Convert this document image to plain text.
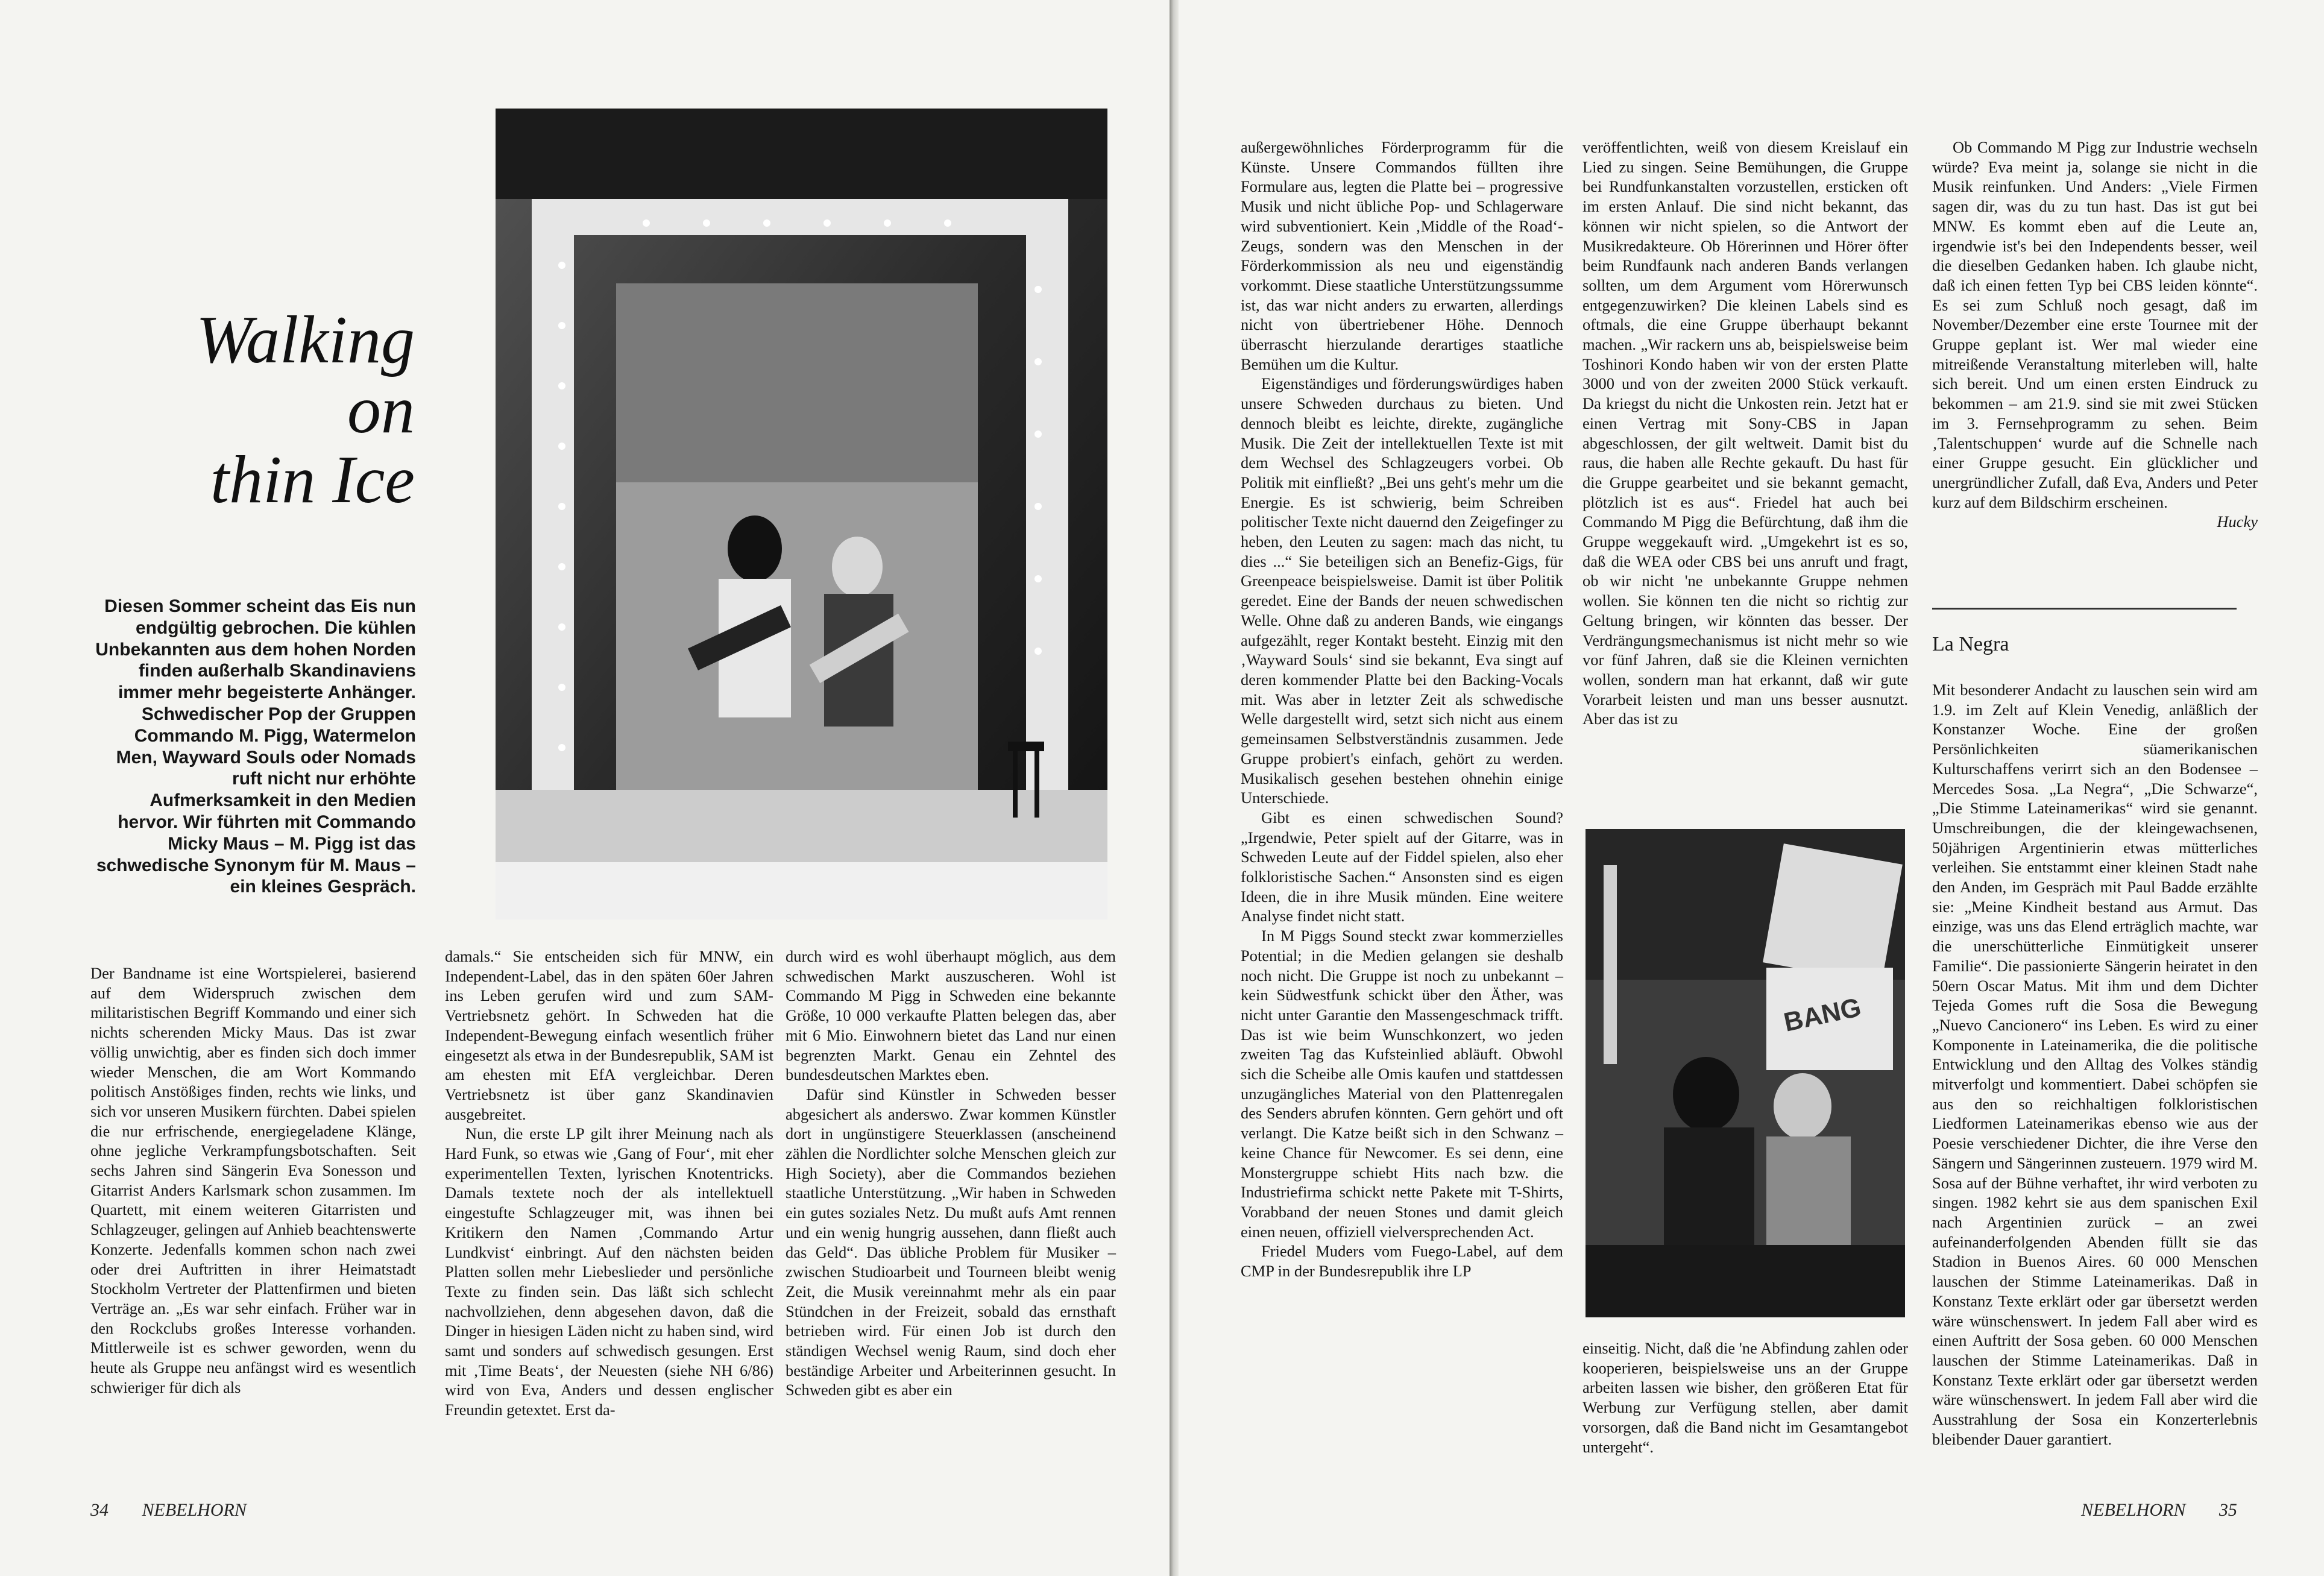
Walking
on
thin Ice
Diesen Sommer scheint das Eis nun endgültig gebrochen. Die kühlen Unbekannten aus dem hohen Norden finden außerhalb Skandinaviens immer mehr begeisterte Anhänger. Schwedischer Pop der Gruppen Commando M. Pigg, Watermelon Men, Wayward Souls oder Nomads ruft nicht nur erhöhte Aufmerksamkeit in den Medien hervor. Wir führten mit Commando Micky Maus – M. Pigg ist das schwedische Synonym für M. Maus – ein kleines Gespräch.

Der Bandname ist eine Wortspielerei, basierend auf dem Widerspruch zwischen dem militaristischen Begriff Kommando und einer sich nichts scherenden Micky Maus. Das ist zwar völlig unwichtig, aber es finden sich doch immer wieder Menschen, die am Wort Kommando politisch Anstößiges finden, rechts wie links, und sich vor unseren Musikern fürchten. Dabei spielen die nur erfrischende, energiegeladene Klänge, ohne jegliche Verkrampfungsbotschaften. Seit sechs Jahren sind Sängerin Eva Sonesson und Gitarrist Anders Karlsmark schon zusammen. Im Quartett, mit einem weiteren Gitarristen und Schlagzeuger, gelingen auf Anhieb beachtenswerte Konzerte. Jedenfalls kommen schon nach zwei oder drei Auftritten in ihrer Heimatstadt Stockholm Vertreter der Plattenfirmen und bieten Verträge an. „Es war sehr einfach. Früher war in den Rockclubs großes Interesse vorhanden. Mittlerweile ist es schwer geworden, wenn du heute als Gruppe neu anfängst wird es wesentlich schwieriger für dich als

damals.“ Sie entscheiden sich für MNW, ein Independent-Label, das in den späten 60er Jahren ins Leben gerufen wird und zum SAM-Vertriebsnetz gehört. In Schweden hat die Independent-Bewegung einfach wesentlich früher eingesetzt als etwa in der Bundesrepublik, SAM ist am ehesten mit EfA vergleichbar. Deren Vertriebsnetz ist über ganz Skandinavien ausgebreitet.

Nun, die erste LP gilt ihrer Meinung nach als Hard Funk, so etwas wie ‚Gang of Four‘, mit eher experimentellen Texten, lyrischen Knotentricks. Damals textete noch der als intellektuell eingestufte Schlagzeuger mit, was ihnen bei Kritikern den Namen ‚Commando Artur Lundkvist‘ einbringt. Auf den nächsten beiden Platten sollen mehr Liebeslieder und persönliche Texte zu finden sein. Das läßt sich schlecht nachvollziehen, denn abgesehen davon, daß die Dinger in hiesigen Läden nicht zu haben sind, wird samt und sonders auf schwedisch gesungen. Erst mit ‚Time Beats‘, der Neuesten (siehe NH 6/86) wird von Eva, Anders und dessen englischer Freundin getextet. Erst da-

durch wird es wohl überhaupt möglich, aus dem schwedischen Markt auszuscheren. Wohl ist Commando M Pigg in Schweden eine bekannte Größe, 10 000 verkaufte Platten belegen das, aber mit 6 Mio. Einwohnern bietet das Land nur einen begrenzten Markt. Genau ein Zehntel des bundesdeutschen Marktes eben.

Dafür sind Künstler in Schweden besser abgesichert als anderswo. Zwar kommen Künstler dort in ungünstigere Steuerklassen (anscheinend zählen die Nordlichter solche Menschen gleich zur High Society), aber die Commandos beziehen staatliche Unterstützung. „Wir haben in Schweden ein gutes soziales Netz. Du mußt aufs Amt rennen und ein wenig hungrig aussehen, dann fließt auch das Geld“. Das übliche Problem für Musiker – zwischen Studioarbeit und Tourneen bleibt wenig Zeit, die Musik vereinnahmt mehr als ein paar Stündchen in der Freizeit, sobald das ernsthaft betrieben wird. Für einen Job ist durch den ständigen Wechsel wenig Raum, sind doch eher beständige Arbeiter und Arbeiterinnen gesucht. In Schweden gibt es aber ein

34 NEBELHORN

außergewöhnliches Förderprogramm für die Künste. Unsere Commandos füllten ihre Formulare aus, legten die Platte bei – progressive Musik und nicht übliche Pop- und Schlagerware wird subventioniert. Kein ‚Middle of the Road‘-Zeugs, sondern was den Menschen in der Förderkommission als neu und eigenständig vorkommt. Diese staatliche Unterstützungssumme ist, das war nicht anders zu erwarten, allerdings nicht von übertriebener Höhe. Dennoch überrascht hierzulande derartiges staatliche Bemühen um die Kultur.

Eigenständiges und förderungswürdiges haben unsere Schweden durchaus zu bieten. Und dennoch bleibt es leichte, direkte, zugängliche Musik. Die Zeit der intellektuellen Texte ist mit dem Wechsel des Schlagzeugers vorbei. Ob Politik mit einfließt? „Bei uns geht's mehr um die Energie. Es ist schwierig, beim Schreiben politischer Texte nicht dauernd den Zeigefinger zu heben, den Leuten zu sagen: mach das nicht, tu dies ...“ Sie beteiligen sich an Benefiz-Gigs, für Greenpeace beispielsweise. Damit ist über Politik geredet. Eine der Bands der neuen schwedischen Welle. Ohne daß zu anderen Bands, wie eingangs aufgezählt, reger Kontakt besteht. Einzig mit den ‚Wayward Souls‘ sind sie bekannt, Eva singt auf deren kommender Platte bei den Backing-Vocals mit. Was aber in letzter Zeit als schwedische Welle dargestellt wird, setzt sich nicht aus einem gemeinsamen Selbstverständnis zusammen. Jede Gruppe probiert's einfach, gehört zu werden. Musikalisch gesehen bestehen ohnehin einige Unterschiede.

Gibt es einen schwedischen Sound? „Irgendwie, Peter spielt auf der Gitarre, was in Schweden Leute auf der Fiddel spielen, also eher folkloristische Sachen.“ Ansonsten sind es eigen Ideen, die in ihre Musik münden. Eine weitere Analyse findet nicht statt.

In M Piggs Sound steckt zwar kommerzielles Potential; in die Medien gelangen sie deshalb noch nicht. Die Gruppe ist noch zu unbekannt – kein Südwestfunk schickt über den Äther, was nicht unter Garantie den Massengeschmack trifft. Das ist wie beim Wunschkonzert, wo jeden zweiten Tag das Kufsteinlied abläuft. Obwohl sich die Scheibe alle Omis kaufen und stattdessen unzugängliches Material von den Plattenregalen des Senders abrufen könnten. Gern gehört und oft verlangt. Die Katze beißt sich in den Schwanz – keine Chance für Newcomer. Es sei denn, eine Monstergruppe schiebt Hits nach bzw. die Industriefirma schickt nette Pakete mit T-Shirts, Vorabband der neuen Stones und damit gleich einen neuen, offiziell vielversprechenden Act.

Friedel Muders vom Fuego-Label, auf dem CMP in der Bundesrepublik ihre LP

veröffentlichten, weiß von diesem Kreislauf ein Lied zu singen. Seine Bemühungen, die Gruppe bei Rundfunkanstalten vorzustellen, ersticken oft im ersten Anlauf. Die sind nicht bekannt, das können wir nicht spielen, so die Antwort der Musikredakteure. Ob Hörerinnen und Hörer öfter beim Rundfaunk nach anderen Bands verlangen sollten, um dem Argument vom Hörerwunsch entgegenzuwirken? Die kleinen Labels sind es oftmals, die eine Gruppe überhaupt bekannt machen. „Wir rackern uns ab, beispielsweise beim Toshinori Kondo haben wir von der ersten Platte 3000 und von der zweiten 2000 Stück verkauft. Da kriegst du nicht die Unkosten rein. Jetzt hat er einen Vertrag mit Sony-CBS in Japan abgeschlossen, der gilt weltweit. Damit bist du raus, die haben alle Rechte gekauft. Du hast für die Gruppe gearbeitet und sie bekannt gemacht, plötzlich ist es aus“. Friedel hat auch bei Commando M Pigg die Befürchtung, daß ihm die Gruppe weggekauft wird. „Umgekehrt ist es so, daß die WEA oder CBS bei uns anruft und fragt, ob wir nicht 'ne unbekannte Gruppe nehmen wollen. Sie können ten die nicht so richtig zur Geltung bringen, wir könnten das besser. Der Verdrängungsmechanismus ist nicht mehr so wie vor fünf Jahren, daß sie die Kleinen vernichten wollen, sondern man hat erkannt, daß wir gute Vorarbeit leisten und man uns besser ausnutzt. Aber das ist zu

BANG

einseitig. Nicht, daß die 'ne Abfindung zahlen oder kooperieren, beispielsweise uns an der Gruppe arbeiten lassen wie bisher, den größeren Etat für Werbung zur Verfügung stellen, aber damit vorsorgen, daß die Band nicht im Gesamtangebot untergeht“.

Ob Commando M Pigg zur Industrie wechseln würde? Eva meint ja, solange sie nicht in die Musik reinfunken. Und Anders: „Viele Firmen sagen dir, was du zu tun hast. Das ist gut bei MNW. Es kommt eben auf die Leute an, irgendwie ist's bei den Independents besser, weil die dieselben Gedanken haben. Ich glaube nicht, daß ich einen fetten Typ bei CBS leiden könnte“. Es sei zum Schluß noch gesagt, daß im November/Dezember eine erste Tournee mit der Gruppe geplant ist. Wer mal wieder eine mitreißende Veranstaltung miterleben will, halte sich bereit. Und um einen ersten Eindruck zu bekommen – am 21.9. sind sie mit zwei Stücken im 3. Fernsehprogramm zu sehen. Beim ‚Talentschuppen‘ wurde auf die Schnelle nach einer Gruppe gesucht. Ein glücklicher und unergründlicher Zufall, daß Eva, Anders und Peter kurz auf dem Bildschirm erscheinen.

Hucky

La Negra

Mit besonderer Andacht zu lauschen sein wird am 1.9. im Zelt auf Klein Venedig, anläßlich der Konstanzer Woche. Eine der großen Persönlichkeiten süamerikanischen Kulturschaffens verirrt sich an den Bodensee – Mercedes Sosa. „La Negra“, „Die Schwarze“, „Die Stimme Lateinamerikas“ wird sie genannt. Umschreibungen, die der kleingewachsenen, 50jährigen Argentinierin etwas mütterliches verleihen. Sie entstammt einer kleinen Stadt nahe den Anden, im Gespräch mit Paul Badde erzählte sie: „Meine Kindheit bestand aus Armut. Das einzige, was uns das Elend erträglich machte, war die unerschütterliche Einmütigkeit unserer Familie“. Die passionierte Sängerin heiratet in den 50ern Oscar Matus. Mit ihm und dem Dichter Tejeda Gomes ruft die Sosa die Bewegung „Nuevo Cancionero“ ins Leben. Es wird zu einer Komponente in Lateinamerika, die die politische Entwicklung und den Alltag des Volkes ständig mitverfolgt und kommentiert. Dabei schöpfen sie aus den so reichhaltigen folkloristischen Liedformen Lateinamerikas ebenso wie aus der Poesie verschiedener Dichter, die ihre Verse den Sängern und Sängerinnen zusteuern. 1979 wird M. Sosa auf der Bühne verhaftet, ihr wird verboten zu singen. 1982 kehrt sie aus dem spanischen Exil nach Argentinien zurück – an zwei aufeinanderfolgenden Abenden füllt sie das Stadion in Buenos Aires. 60 000 Menschen lauschen der Stimme Lateinamerikas. Daß in Konstanz Texte erklärt oder gar übersetzt werden wäre wünschenswert. In jedem Fall aber wird es einen Auftritt der Sosa geben. 60 000 Menschen lauschen der Stimme Lateinamerikas. Daß in Konstanz Texte erklärt oder gar übersetzt werden wäre wünschenswert. In jedem Fall aber wird die Ausstrahlung der Sosa ein Konzerterlebnis bleibender Dauer garantiert.

NEBELHORN 35
